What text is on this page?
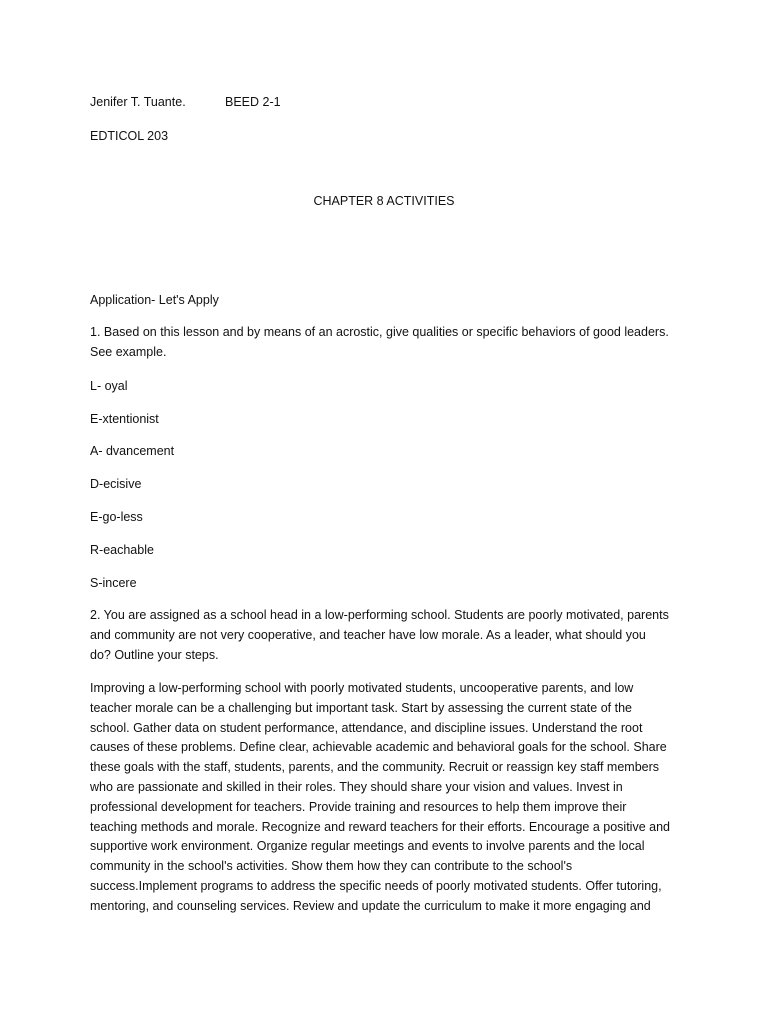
Jenifer T. Tuante.	BEED 2-1
EDTICOL 203
CHAPTER 8 ACTIVITIES
Application- Let's Apply

1. Based on this lesson and by means of an acrostic, give qualities or specific behaviors of good leaders.

See example.

L- oyal
E-xtentionist
A- dvancement
D-ecisive
E-go-less
R-eachable
S-incere

2. You are assigned as a school head in a low-performing school. Students are poorly motivated, parents

and community are not very cooperative, and teacher have low morale. As a leader, what should you

do? Outline your steps.

Improving a low-performing school with poorly motivated students, uncooperative parents, and low

teacher morale can be a challenging but important task. Start by assessing the current state of the

school. Gather data on student performance, attendance, and discipline issues. Understand the root

causes of these problems. Define clear, achievable academic and behavioral goals for the school. Share

these goals with the staff, students, parents, and the community. Recruit or reassign key staff members

who are passionate and skilled in their roles. They should share your vision and values. Invest in

professional development for teachers. Provide training and resources to help them improve their

teaching methods and morale. Recognize and reward teachers for their efforts. Encourage a positive and

supportive work environment. Organize regular meetings and events to involve parents and the local

community in the school's activities. Show them how they can contribute to the school's

success.Implement programs to address the specific needs of poorly motivated students. Offer tutoring,

mentoring, and counseling services. Review and update the curriculum to make it more engaging and
